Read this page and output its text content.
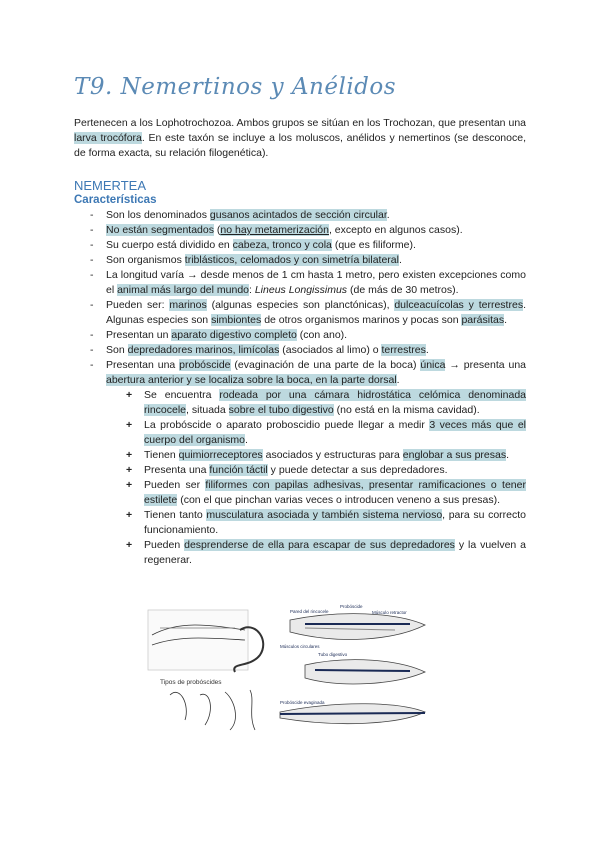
T9. Nemertinos y Anélidos
Pertenecen a los Lophotrochozoa. Ambos grupos se sitúan en los Trochozan, que presentan una larva trocófora. En este taxón se incluye a los moluscos, anélidos y nemertinos (se desconoce, de forma exacta, su relación filogenética).
NEMERTEA
Características
- Son los denominados gusanos acintados de sección circular.
- No están segmentados (no hay metamerización, excepto en algunos casos).
- Su cuerpo está dividido en cabeza, tronco y cola (que es filiforme).
- Son organismos triblásticos, celomados y con simetría bilateral.
- La longitud varía → desde menos de 1 cm hasta 1 metro, pero existen excepciones como el animal más largo del mundo: Lineus Longissimus (de más de 30 metros).
- Pueden ser: marinos (algunas especies son planctónicas), dulceacuícolas y terrestres. Algunas especies son simbiontes de otros organismos marinos y pocas son parásitas.
- Presentan un aparato digestivo completo (con ano).
- Son depredadores marinos, limícolas (asociados al limo) o terrestres.
- Presentan una probóscide (evaginación de una parte de la boca) única → presenta una abertura anterior y se localiza sobre la boca, en la parte dorsal.
+ Se encuentra rodeada por una cámara hidrostática celómica denominada rincocele, situada sobre el tubo digestivo (no está en la misma cavidad).
+ La probóscide o aparato proboscidio puede llegar a medir 3 veces más que el cuerpo del organismo.
+ Tienen quimiorreceptores asociados y estructuras para englobar a sus presas.
+ Presenta una función táctil y puede detectar a sus depredadores.
+ Pueden ser filiformes con papilas adhesivas, presentar ramificaciones o tener estilete (con el que pinchan varias veces o introducen veneno a sus presas).
+ Tienen tanto musculatura asociada y también sistema nervioso, para su correcto funcionamiento.
+ Pueden desprenderse de ella para escapar de sus depredadores y la vuelven a regenerar.
Tipos de probóscides
Probóscide
Pared del rincocele	Músculo retractor
Músculos circulares
Tubo digestivo
Probóscide evaginada
